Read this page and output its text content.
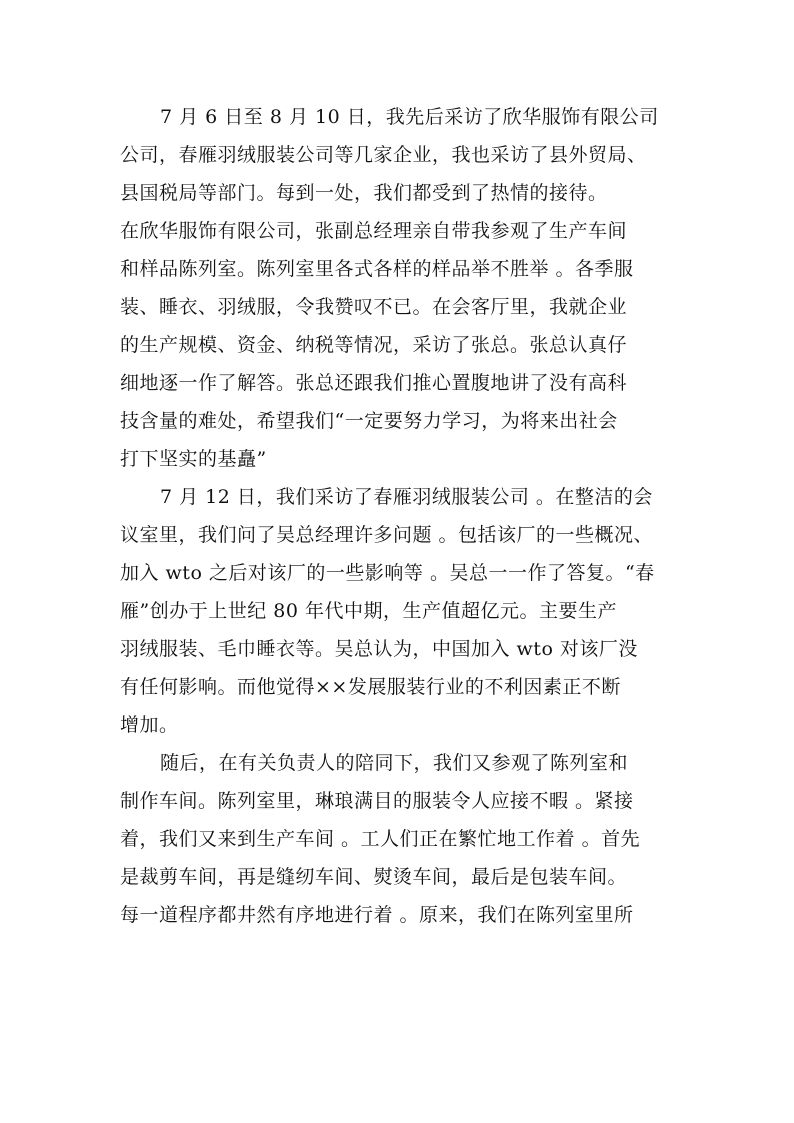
7 月 6 日至 8 月 10 日，我先后采访了欣华服饰有限公司
公司，春雁羽绒服装公司等几家企业，我也采访了县外贸局、
县国税局等部门。每到一处，我们都受到了热情的接待。
在欣华服饰有限公司，张副总经理亲自带我参观了生产车间
和样品陈列室。陈列室里各式各样的样品举不胜举 。各季服
装、睡衣、羽绒服，令我赞叹不已。在会客厅里，我就企业
的生产规模、资金、纳税等情况，采访了张总。张总认真仔
细地逐一作了解答。张总还跟我们推心置腹地讲了没有高科
技含量的难处，希望我们“一定要努力学习，为将来出社会
打下坚实的基矗”
7 月 12 日，我们采访了春雁羽绒服装公司 。在整洁的会
议室里，我们问了吴总经理许多问题 。包括该厂的一些概况、
加入 wto 之后对该厂的一些影响等 。吴总一一作了答复。“春
雁”创办于上世纪 80 年代中期，生产值超亿元。主要生产
羽绒服装、毛巾睡衣等。吴总认为，中国加入 wto 对该厂没
有任何影响。而他觉得××发展服装行业的不利因素正不断
增加。
随后，在有关负责人的陪同下，我们又参观了陈列室和
制作车间。陈列室里，琳琅满目的服装令人应接不暇 。紧接
着，我们又来到生产车间 。工人们正在繁忙地工作着 。首先
是裁剪车间，再是缝纫车间、熨烫车间，最后是包装车间。
每一道程序都井然有序地进行着 。原来，我们在陈列室里所
